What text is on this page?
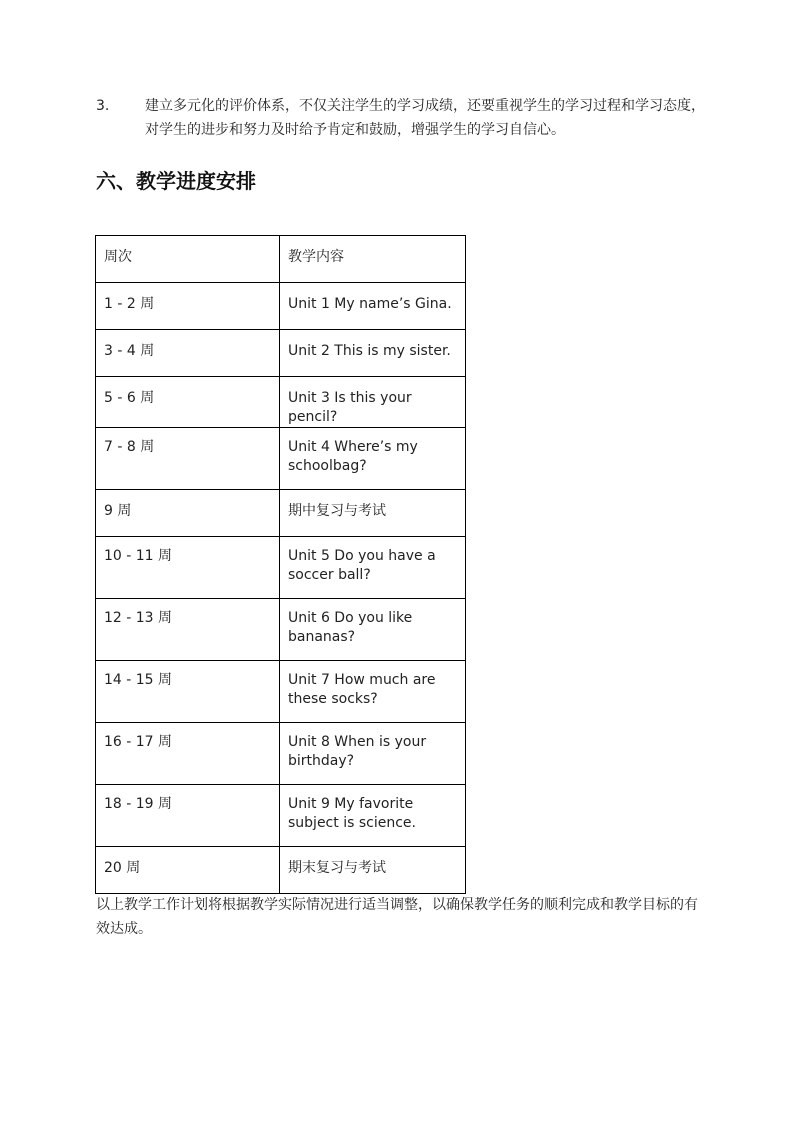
3.	建立多元化的评价体系，不仅关注学生的学习成绩，还要重视学生的学习过程和学习态度，对学生的进步和努力及时给予肯定和鼓励，增强学生的学习自信心。
六、教学进度安排
周次	教学内容
1 - 2 周	Unit 1 My name’s Gina.
3 - 4 周	Unit 2 This is my sister.
5 - 6 周	Unit 3 Is this your pencil?
7 - 8 周	Unit 4 Where’s my schoolbag?
9 周	期中复习与考试
10 - 11 周	Unit 5 Do you have a soccer ball?
12 - 13 周	Unit 6 Do you like bananas?
14 - 15 周	Unit 7 How much are these socks?
16 - 17 周	Unit 8 When is your birthday?
18 - 19 周	Unit 9 My favorite subject is science.
20 周	期末复习与考试

以上教学工作计划将根据教学实际情况进行适当调整，以确保教学任务的顺利完成和教学目标的有效达成。
